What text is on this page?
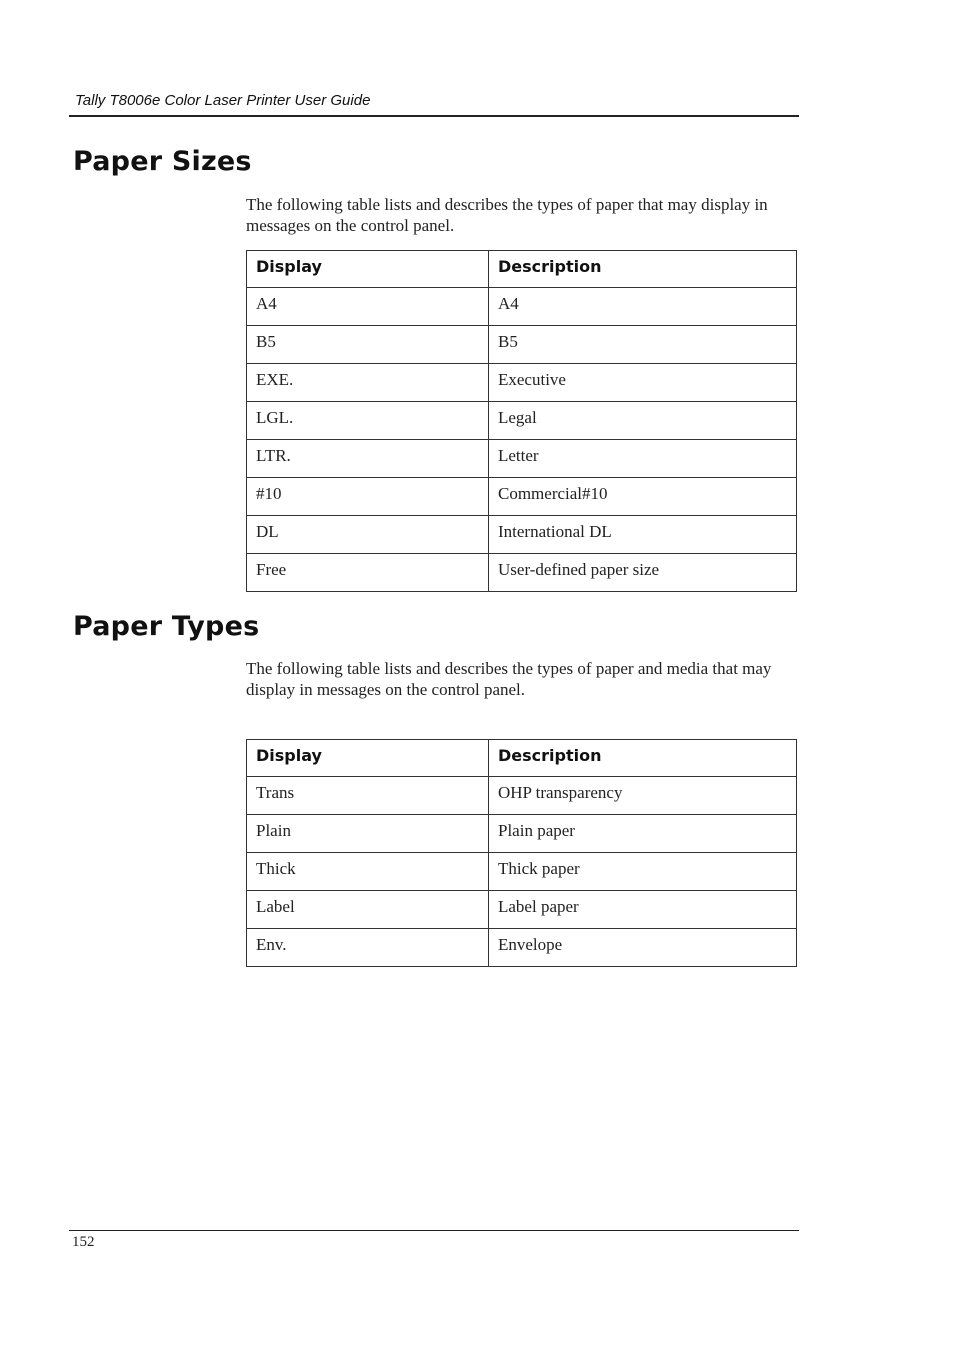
Tally T8006e Color Laser Printer User Guide
Paper Sizes

The following table lists and describes the types of paper that may display in messages on the control panel.

Display	Description
A4	A4
B5	B5
EXE.	Executive
LGL.	Legal
LTR.	Letter
#10	Commercial#10
DL	International DL
Free	User-defined paper size
Paper Types

The following table lists and describes the types of paper and media that may display in messages on the control panel.

Display	Description
Trans	OHP transparency
Plain	Plain paper
Thick	Thick paper
Label	Label paper
Env.	Envelope
152
